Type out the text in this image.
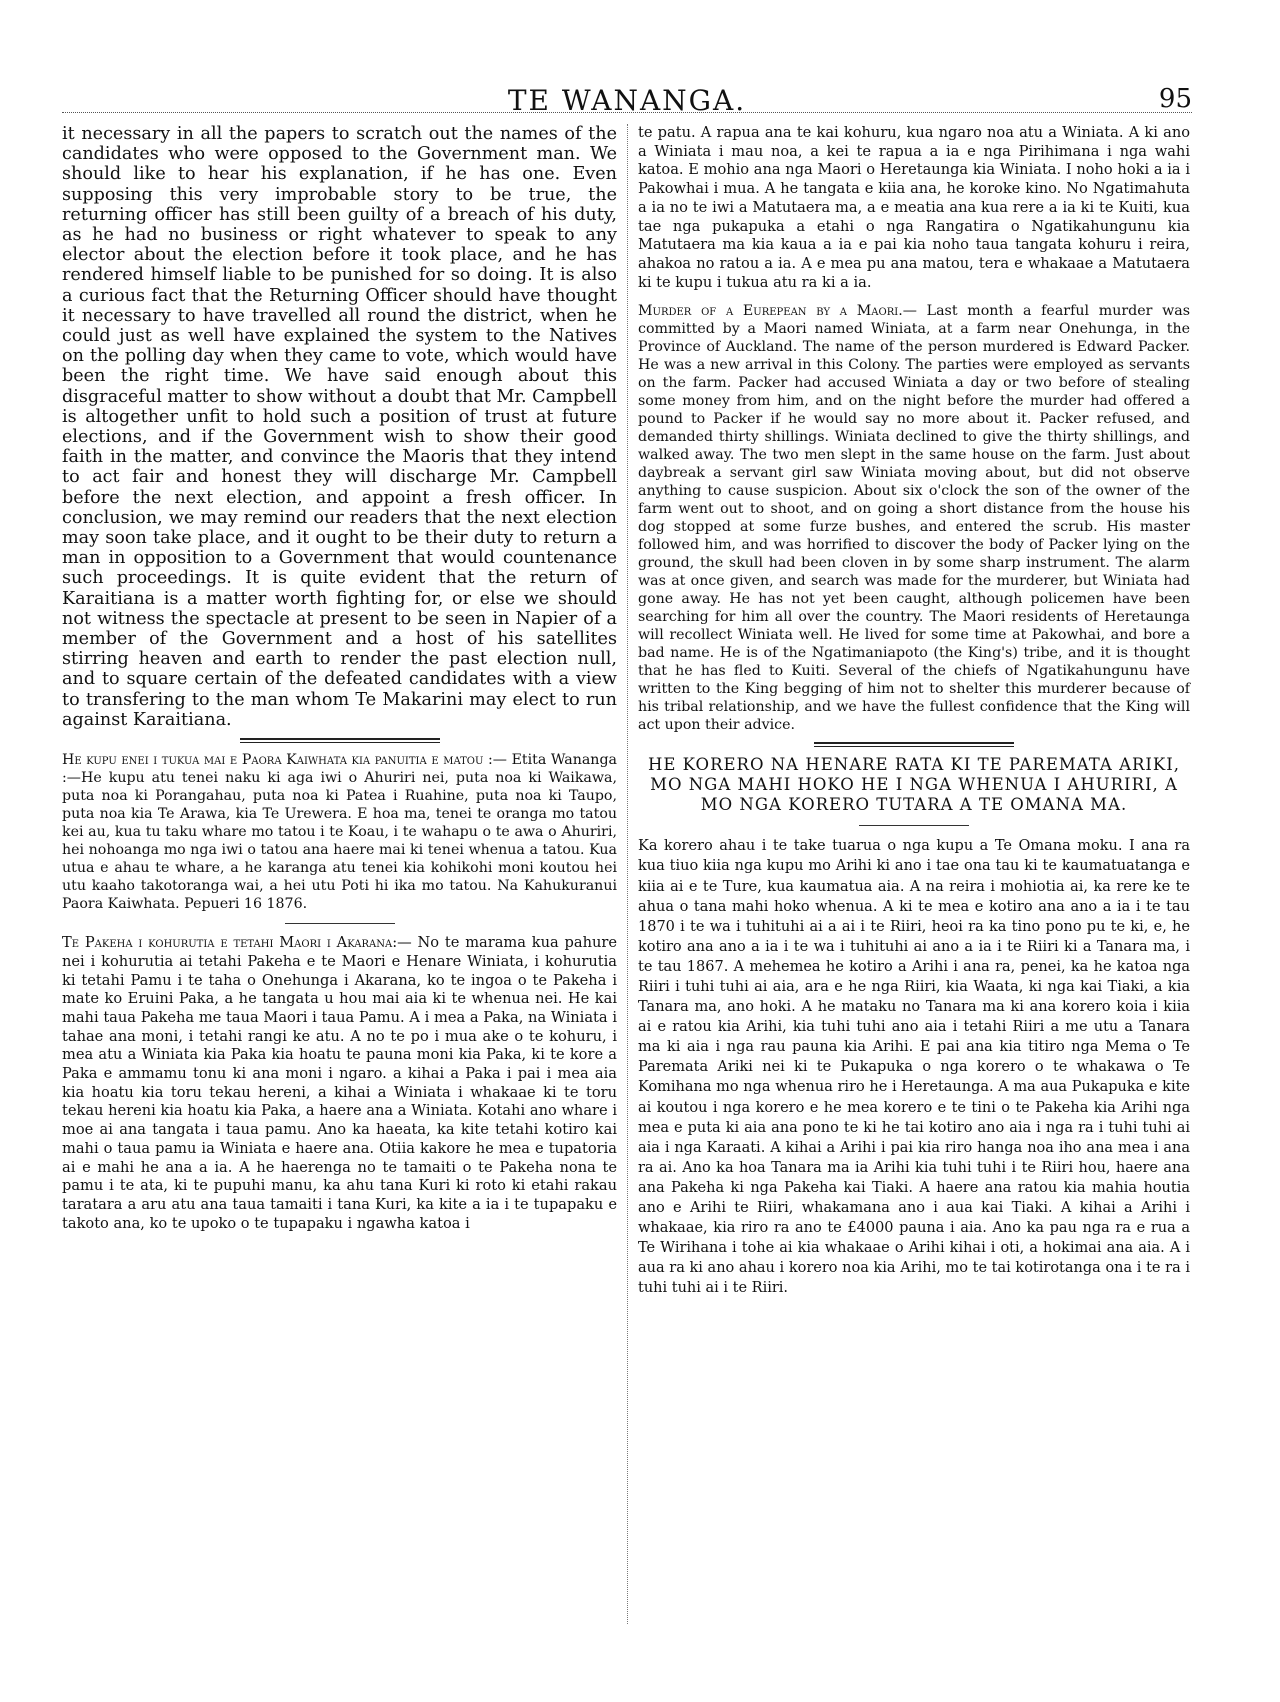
TE WANANGA.	95

it necessary in all the papers to scratch out the names of the candidates who were opposed to the Government man. We should like to hear his explanation, if he has one. Even supposing this very improbable story to be true, the returning officer has still been guilty of a breach of his duty, as he had no business or right whatever to speak to any elector about the election before it took place, and he has rendered himself liable to be punished for so doing. It is also a curious fact that the Returning Officer should have thought it necessary to have travelled all round the district, when he could just as well have explained the system to the Natives on the polling day when they came to vote, which would have been the right time. We have said enough about this disgraceful matter to show without a doubt that Mr. Campbell is altogether unfit to hold such a position of trust at future elections, and if the Government wish to show their good faith in the matter, and convince the Maoris that they intend to act fair and honest they will discharge Mr. Campbell before the next election, and appoint a fresh officer. In conclusion, we may remind our readers that the next election may soon take place, and it ought to be their duty to return a man in opposition to a Government that would countenance such proceedings. It is quite evident that the return of Karaitiana is a matter worth fighting for, or else we should not witness the spectacle at present to be seen in Napier of a member of the Government and a host of his satellites stirring heaven and earth to render the past election null, and to square certain of the defeated candidates with a view to transfering to the man whom Te Makarini may elect to run against Karaitiana.

He kupu enei i tukua mai e Paora Kaiwhata kia panuitia e matou :— Etita Wananga :—He kupu atu tenei naku ki aga iwi o Ahuriri nei, puta noa ki Waikawa, puta noa ki Porangahau, puta noa ki Patea i Ruahine, puta noa ki Taupo, puta noa kia Te Arawa, kia Te Urewera. E hoa ma, tenei te oranga mo tatou kei au, kua tu taku whare mo tatou i te Koau, i te wahapu o te awa o Ahuriri, hei nohoanga mo nga iwi o tatou ana haere mai ki tenei whenua a tatou. Kua utua e ahau te whare, a he karanga atu tenei kia kohikohi moni koutou hei utu kaaho takotoranga wai, a hei utu Poti hi ika mo tatou. Na Kahukuranui Paora Kaiwhata. Pepueri 16 1876.

Te Pakeha i kohurutia e tetahi Maori i Akarana:— No te marama kua pahure nei i kohurutia ai tetahi Pakeha e te Maori e Henare Winiata, i kohurutia ki tetahi Pamu i te taha o Onehunga i Akarana, ko te ingoa o te Pakeha i mate ko Eruini Paka, a he tangata u hou mai aia ki te whenua nei. He kai mahi taua Pakeha me taua Maori i taua Pamu. A i mea a Paka, na Winiata i tahae ana moni, i tetahi rangi ke atu. A no te po i mua ake o te kohuru, i mea atu a Winiata kia Paka kia hoatu te pauna moni kia Paka, ki te kore a Paka e ammamu tonu ki ana moni i ngaro. a kihai a Paka i pai i mea aia kia hoatu kia toru tekau hereni, a kihai a Winiata i whakaae ki te toru tekau hereni kia hoatu kia Paka, a haere ana a Winiata. Kotahi ano whare i moe ai ana tangata i taua pamu. Ano ka haeata, ka kite tetahi kotiro kai mahi o taua pamu ia Winiata e haere ana. Otiia kakore he mea e tupatoria ai e mahi he ana a ia. A he haerenga no te tamaiti o te Pakeha nona te pamu i te ata, ki te pupuhi manu, ka ahu tana Kuri ki roto ki etahi rakau taratara a aru atu ana taua tamaiti i tana Kuri, ka kite a ia i te tupapaku e takoto ana, ko te upoko o te tupapaku i ngawha katoa i

te patu. A rapua ana te kai kohuru, kua ngaro noa atu a Winiata. A ki ano a Winiata i mau noa, a kei te rapua a ia e nga Pirihimana i nga wahi katoa. E mohio ana nga Maori o Heretaunga kia Winiata. I noho hoki a ia i Pakowhai i mua. A he tangata e kiia ana, he koroke kino. No Ngatimahuta a ia no te iwi a Matutaera ma, a e meatia ana kua rere a ia ki te Kuiti, kua tae nga pukapuka a etahi o nga Rangatira o Ngatikahungunu kia Matutaera ma kia kaua a ia e pai kia noho taua tangata kohuru i reira, ahakoa no ratou a ia. A e mea pu ana matou, tera e whakaae a Matutaera ki te kupu i tukua atu ra ki a ia.

Murder of a Eurepean by a Maori.— Last month a fearful murder was committed by a Maori named Winiata, at a farm near Onehunga, in the Province of Auckland. The name of the person murdered is Edward Packer. He was a new arrival in this Colony. The parties were employed as servants on the farm. Packer had accused Winiata a day or two before of stealing some money from him, and on the night before the murder had offered a pound to Packer if he would say no more about it. Packer refused, and demanded thirty shillings. Winiata declined to give the thirty shillings, and walked away. The two men slept in the same house on the farm. Just about daybreak a servant girl saw Winiata moving about, but did not observe anything to cause suspicion. About six o'clock the son of the owner of the farm went out to shoot, and on going a short distance from the house his dog stopped at some furze bushes, and entered the scrub. His master followed him, and was horrified to discover the body of Packer lying on the ground, the skull had been cloven in by some sharp instrument. The alarm was at once given, and search was made for the murderer, but Winiata had gone away. He has not yet been caught, although policemen have been searching for him all over the country. The Maori residents of Heretaunga will recollect Winiata well. He lived for some time at Pakowhai, and bore a bad name. He is of the Ngatimaniapoto (the King's) tribe, and it is thought that he has fled to Kuiti. Several of the chiefs of Ngatikahungunu have written to the King begging of him not to shelter this murderer because of his tribal relationship, and we have the fullest confidence that the King will act upon their advice.

HE KORERO NA HENARE RATA KI TE PAREMATA ARIKI, MO NGA MAHI HOKO HE I NGA WHENUA I AHURIRI, A MO NGA KORERO TUTARA A TE OMANA MA.

Ka korero ahau i te take tuarua o nga kupu a Te Omana moku. I ana ra kua tiuo kiia nga kupu mo Arihi ki ano i tae ona tau ki te kaumatuatanga e kiia ai e te Ture, kua kaumatua aia. A na reira i mohiotia ai, ka rere ke te ahua o tana mahi hoko whenua. A ki te mea e kotiro ana ano a ia i te tau 1870 i te wa i tuhituhi ai a ai i te Riiri, heoi ra ka tino pono pu te ki, e, he kotiro ana ano a ia i te wa i tuhituhi ai ano a ia i te Riiri ki a Tanara ma, i te tau 1867. A mehemea he kotiro a Arihi i ana ra, penei, ka he katoa nga Riiri i tuhi tuhi ai aia, ara e he nga Riiri, kia Waata, ki nga kai Tiaki, a kia Tanara ma, ano hoki. A he mataku no Tanara ma ki ana korero koia i kiia ai e ratou kia Arihi, kia tuhi tuhi ano aia i tetahi Riiri a me utu a Tanara ma ki aia i nga rau pauna kia Arihi. E pai ana kia titiro nga Mema o Te Paremata Ariki nei ki te Pukapuka o nga korero o te whakawa o Te Komihana mo nga whenua riro he i Heretaunga. A ma aua Pukapuka e kite ai koutou i nga korero e he mea korero e te tini o te Pakeha kia Arihi nga mea e puta ki aia ana pono te ki he tai kotiro ano aia i nga ra i tuhi tuhi ai aia i nga Karaati. A kihai a Arihi i pai kia riro hanga noa iho ana mea i ana ra ai. Ano ka hoa Tanara ma ia Arihi kia tuhi tuhi i te Riiri hou, haere ana ana Pakeha ki nga Pakeha kai Tiaki. A haere ana ratou kia mahia houtia ano e Arihi te Riiri, whakamana ano i aua kai Tiaki. A kihai a Arihi i whakaae, kia riro ra ano te £4000 pauna i aia. Ano ka pau nga ra e rua a Te Wirihana i tohe ai kia whakaae o Arihi kihai i oti, a hokimai ana aia. A i aua ra ki ano ahau i korero noa kia Arihi, mo te tai kotirotanga ona i te ra i tuhi tuhi ai i te Riiri.
